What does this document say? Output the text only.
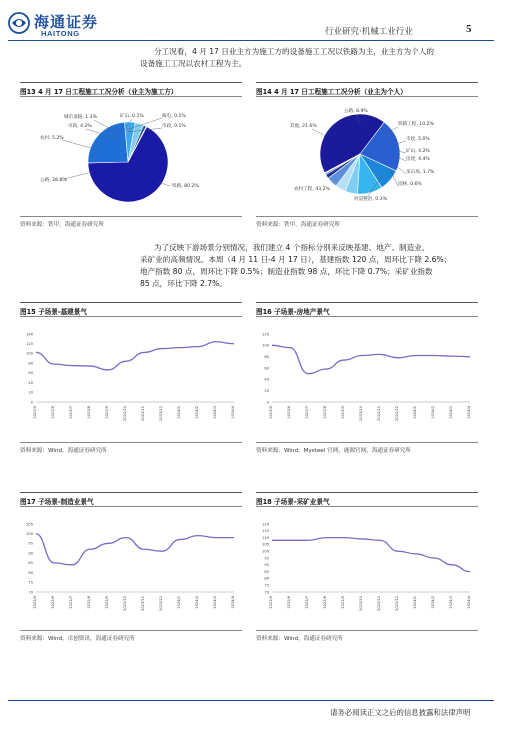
海通证券
HAITONG	行业研究·机械工业行业	5
分工况看，4 月 17 日业主方为施工方的设备施工工况以铁路为主，业主方为个人的
设备施工工况以农村工程为主。
图13 4 月 17 日工程施工工况分析（业主为施工方）
城市道路, 1.3%	矿山, 0.1%	核电, 0.1%
市政, 4.2%	市政, 0.1%
农村, 5.2%
公路, 28.8%
铁路, 80.2%
资料来源：铁甲，海通证券研究所
图14 4 月 17 日工程施工工况分析（业主为个人）
公路, 8.9%
其他, 21.6%	铁路工程, 10.2%
市政, 5.0%
矿山, 4.2%
房建, 4.4%
采石场, 1.7%
园林, 0.6%
河道整治, 0.3%
农村工程, 43.2%
资料来源：铁甲，海通证券研究所
为了反映下游场景分别情况，我们建立 4 个指标分别来反映基建、地产、制造业、
采矿业的高频情况。本周（4 月 11 日-4 月 17 日），基建指数 120 点，周环比下降 2.6%；
地产指数 80 点，周环比下降 0.5%；制造业指数 98 点，环比下降 0.7%；采矿业指数
85 点，环比下降 2.7%。
图15 子场景-基建景气
0
20
40
60
80
100
120
140
2023/5	2023/6	2023/7	2023/8	2023/9	2023/10	2023/11	2023/12	2024/1	2024/2	2024/3	2024/4
资料来源：Wind，海通证券研究所
图16 子场景-房地产景气
0
20
40
60
80
100
120
2023/5	2023/6	2023/7	2023/8	2023/9	2023/10	2023/11	2023/12	2024/1	2024/2	2024/3	2024/4
资料来源：Wind，Mysteel 官网，鹿源官网，海通证券研究所
图17 子场景-制造业景气
70
75
80
85
90
95
100
105
2023/5	2023/6	2023/7	2023/8	2023/9	2023/10	2023/11	2023/12	2024/1	2024/2	2024/3	2024/4
资料来源：Wind，卓创资讯，海通证券研究所
图18 子场景-采矿业景气
70
75
80
85
90
95
100
105
110
115
120
2023/5	2023/6	2023/7	2023/8	2023/9	2023/10	2023/11	2023/12	2024/1	2024/2	2024/3	2024/4
资料来源：Wind，海通证券研究所
请务必阅读正文之后的信息披露和法律声明
